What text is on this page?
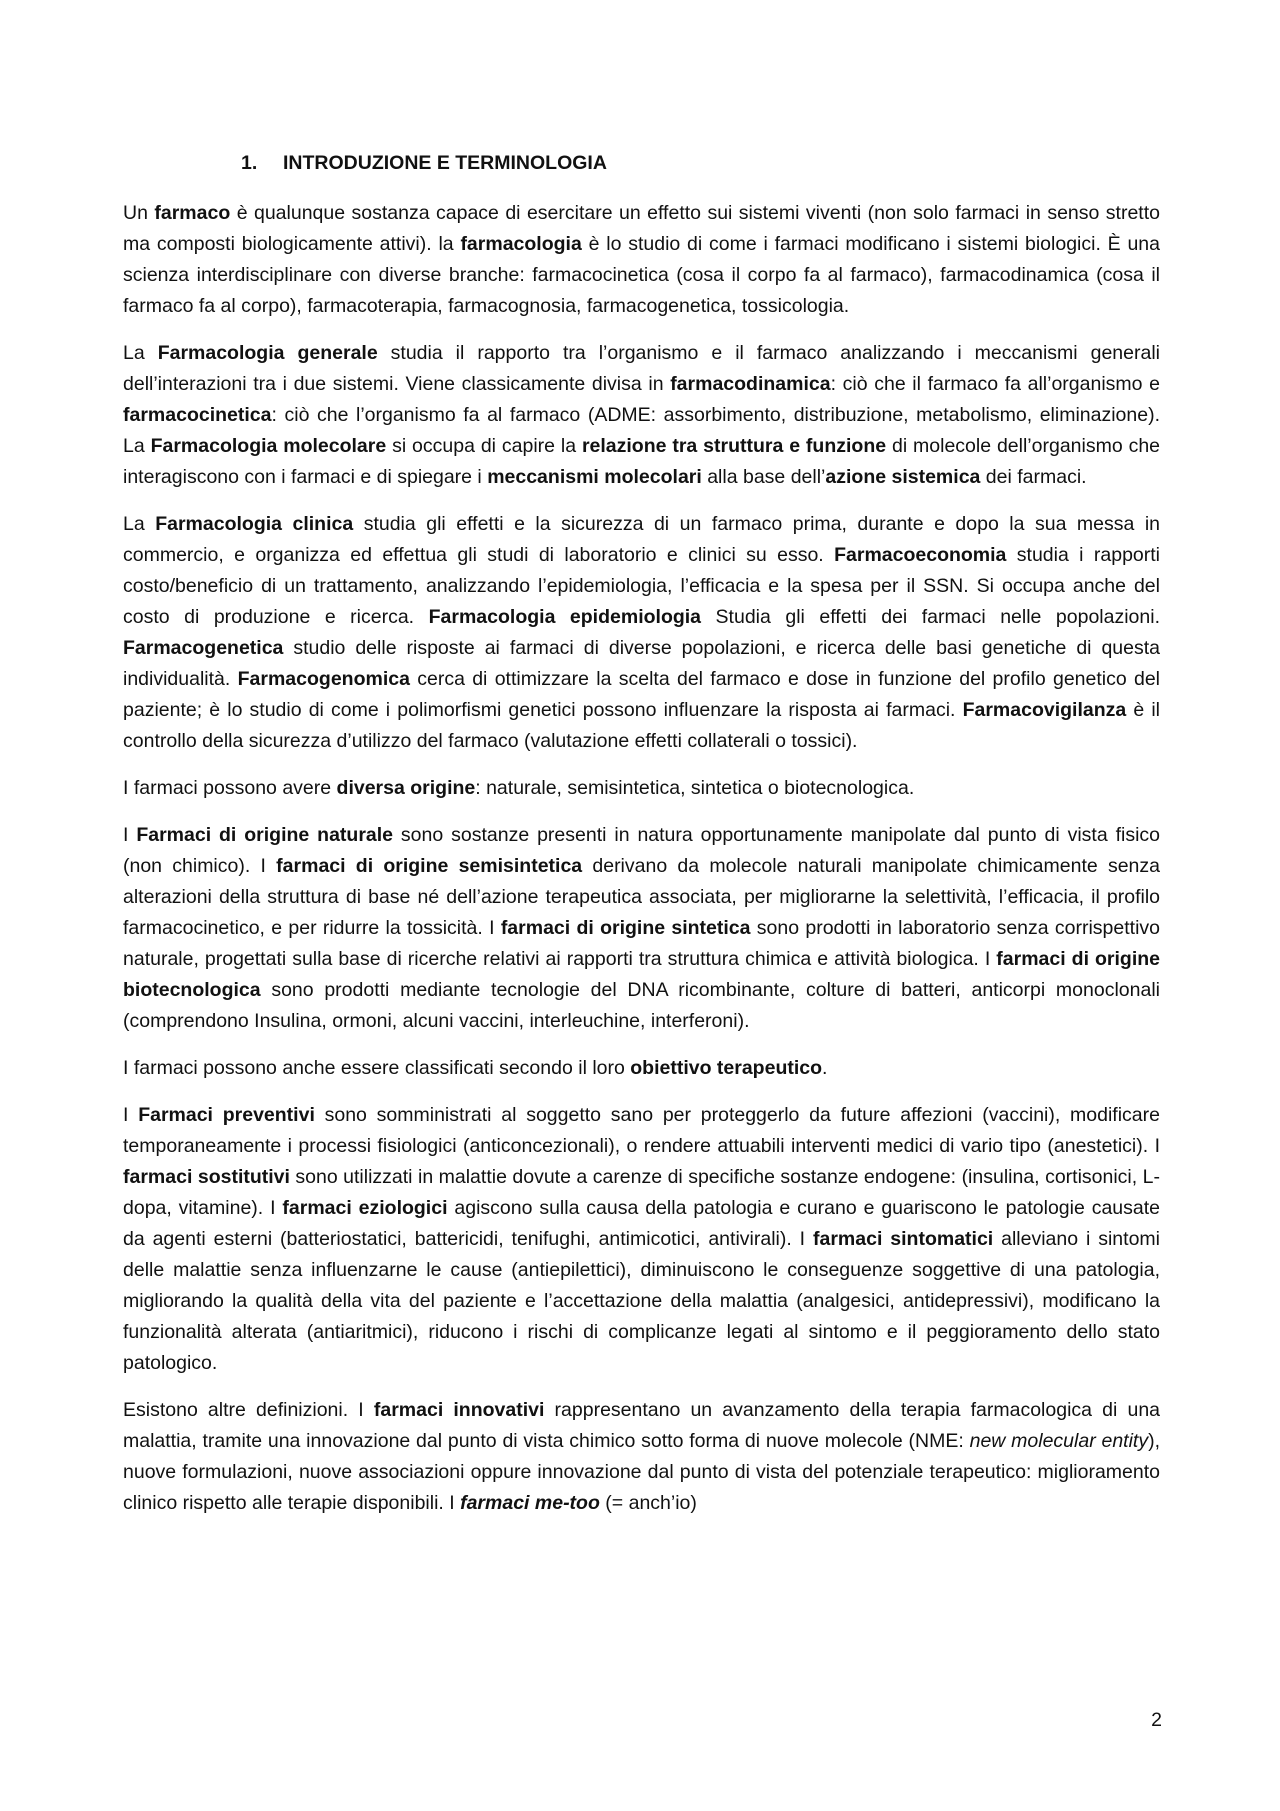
1. INTRODUZIONE E TERMINOLOGIA

Un farmaco è qualunque sostanza capace di esercitare un effetto sui sistemi viventi (non solo farmaci in senso stretto ma composti biologicamente attivi). la farmacologia è lo studio di come i farmaci modificano i sistemi biologici. È una scienza interdisciplinare con diverse branche: farmacocinetica (cosa il corpo fa al farmaco), farmacodinamica (cosa il farmaco fa al corpo), farmacoterapia, farmacognosia, farmacogenetica, tossicologia.

La Farmacologia generale studia il rapporto tra l’organismo e il farmaco analizzando i meccanismi generali dell’interazioni tra i due sistemi. Viene classicamente divisa in farmacodinamica: ciò che il farmaco fa all’organismo e farmacocinetica: ciò che l’organismo fa al farmaco (ADME: assorbimento, distribuzione, metabolismo, eliminazione). La Farmacologia molecolare si occupa di capire la relazione tra struttura e funzione di molecole dell’organismo che interagiscono con i farmaci e di spiegare i meccanismi molecolari alla base dell’azione sistemica dei farmaci.

La Farmacologia clinica studia gli effetti e la sicurezza di un farmaco prima, durante e dopo la sua messa in commercio, e organizza ed effettua gli studi di laboratorio e clinici su esso. Farmacoeconomia studia i rapporti costo/beneficio di un trattamento, analizzando l’epidemiologia, l’efficacia e la spesa per il SSN. Si occupa anche del costo di produzione e ricerca. Farmacologia epidemiologia Studia gli effetti dei farmaci nelle popolazioni. Farmacogenetica studio delle risposte ai farmaci di diverse popolazioni, e ricerca delle basi genetiche di questa individualità. Farmacogenomica cerca di ottimizzare la scelta del farmaco e dose in funzione del profilo genetico del paziente; è lo studio di come i polimorfismi genetici possono influenzare la risposta ai farmaci. Farmacovigilanza è il controllo della sicurezza d’utilizzo del farmaco (valutazione effetti collaterali o tossici).

I farmaci possono avere diversa origine: naturale, semisintetica, sintetica o biotecnologica.

I Farmaci di origine naturale sono sostanze presenti in natura opportunamente manipolate dal punto di vista fisico (non chimico). I farmaci di origine semisintetica derivano da molecole naturali manipolate chimicamente senza alterazioni della struttura di base né dell’azione terapeutica associata, per migliorarne la selettività, l’efficacia, il profilo farmacocinetico, e per ridurre la tossicità. I farmaci di origine sintetica sono prodotti in laboratorio senza corrispettivo naturale, progettati sulla base di ricerche relativi ai rapporti tra struttura chimica e attività biologica. I farmaci di origine biotecnologica sono prodotti mediante tecnologie del DNA ricombinante, colture di batteri, anticorpi monoclonali (comprendono Insulina, ormoni, alcuni vaccini, interleuchine, interferoni).

I farmaci possono anche essere classificati secondo il loro obiettivo terapeutico.

I Farmaci preventivi sono somministrati al soggetto sano per proteggerlo da future affezioni (vaccini), modificare temporaneamente i processi fisiologici (anticoncezionali), o rendere attuabili interventi medici di vario tipo (anestetici). I farmaci sostitutivi sono utilizzati in malattie dovute a carenze di specifiche sostanze endogene: (insulina, cortisonici, L-dopa, vitamine). I farmaci eziologici agiscono sulla causa della patologia e curano e guariscono le patologie causate da agenti esterni (batteriostatici, battericidi, tenifughi, antimicotici, antivirali). I farmaci sintomatici alleviano i sintomi delle malattie senza influenzarne le cause (antiepilettici), diminuiscono le conseguenze soggettive di una patologia, migliorando la qualità della vita del paziente e l’accettazione della malattia (analgesici, antidepressivi), modificano la funzionalità alterata (antiaritmici), riducono i rischi di complicanze legati al sintomo e il peggioramento dello stato patologico.

Esistono altre definizioni. I farmaci innovativi rappresentano un avanzamento della terapia farmacologica di una malattia, tramite una innovazione dal punto di vista chimico sotto forma di nuove molecole (NME: new molecular entity), nuove formulazioni, nuove associazioni oppure innovazione dal punto di vista del potenziale terapeutico: miglioramento clinico rispetto alle terapie disponibili. I farmaci me-too (= anch’io)

2
